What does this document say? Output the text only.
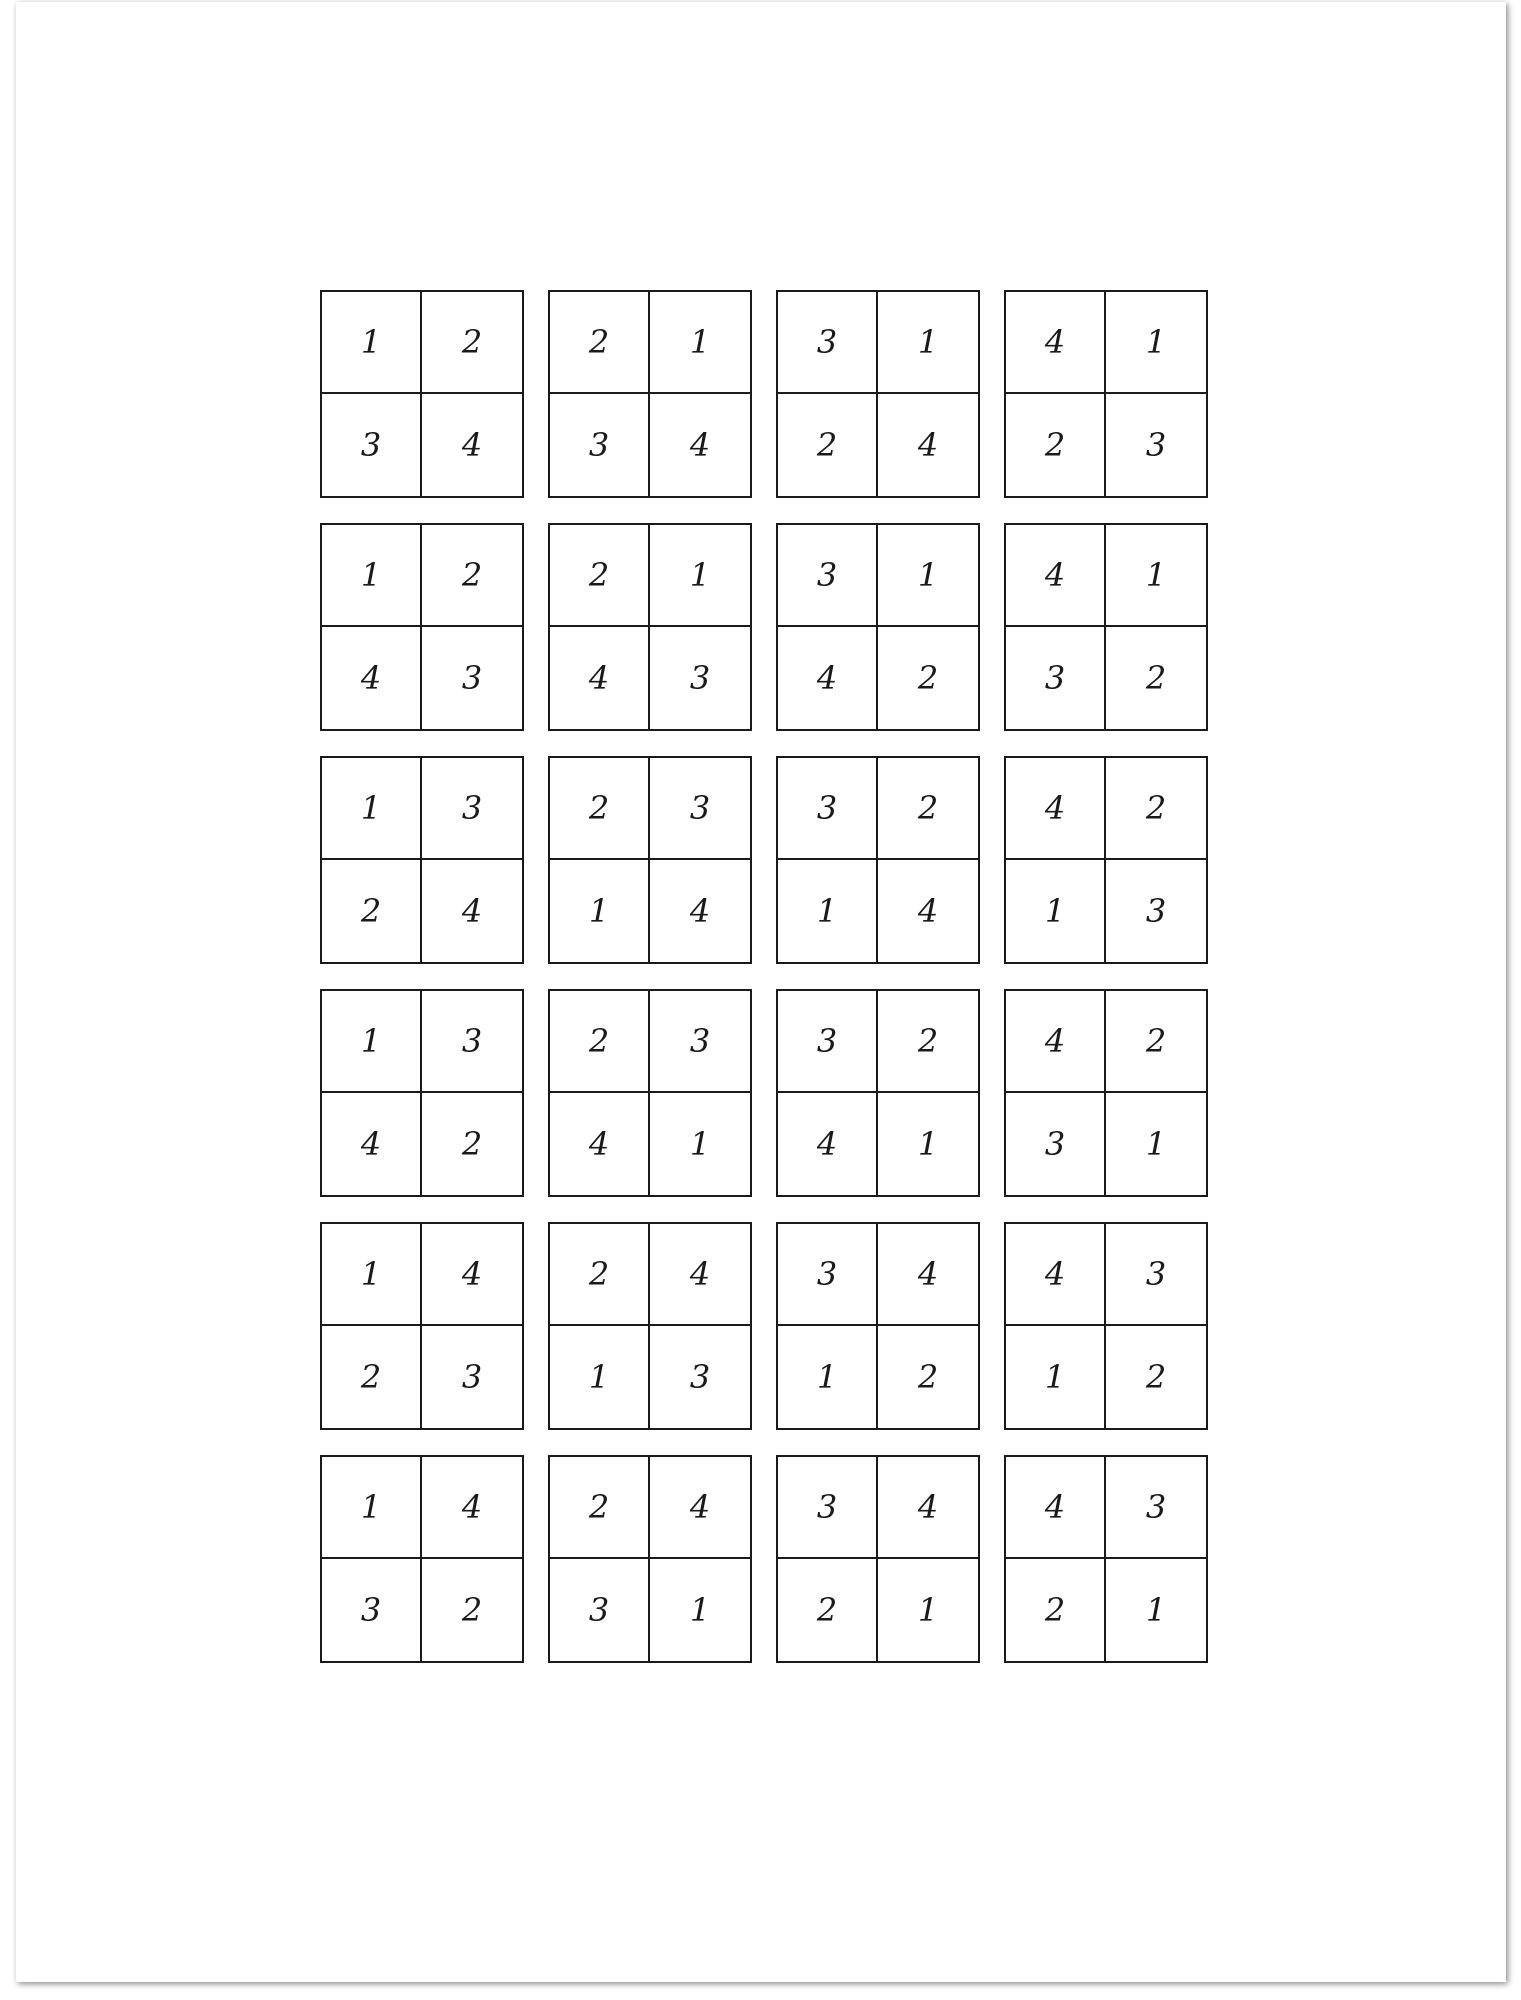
1	2
3	4
2	1
3	4
3	1
2	4
4	1
2	3
1	2
4	3
2	1
4	3
3	1
4	2
4	1
3	2
1	3
2	4
2	3
1	4
3	2
1	4
4	2
1	3
1	3
4	2
2	3
4	1
3	2
4	1
4	2
3	1
1	4
2	3
2	4
1	3
3	4
1	2
4	3
1	2
1	4
3	2
2	4
3	1
3	4
2	1
4	3
2	1
